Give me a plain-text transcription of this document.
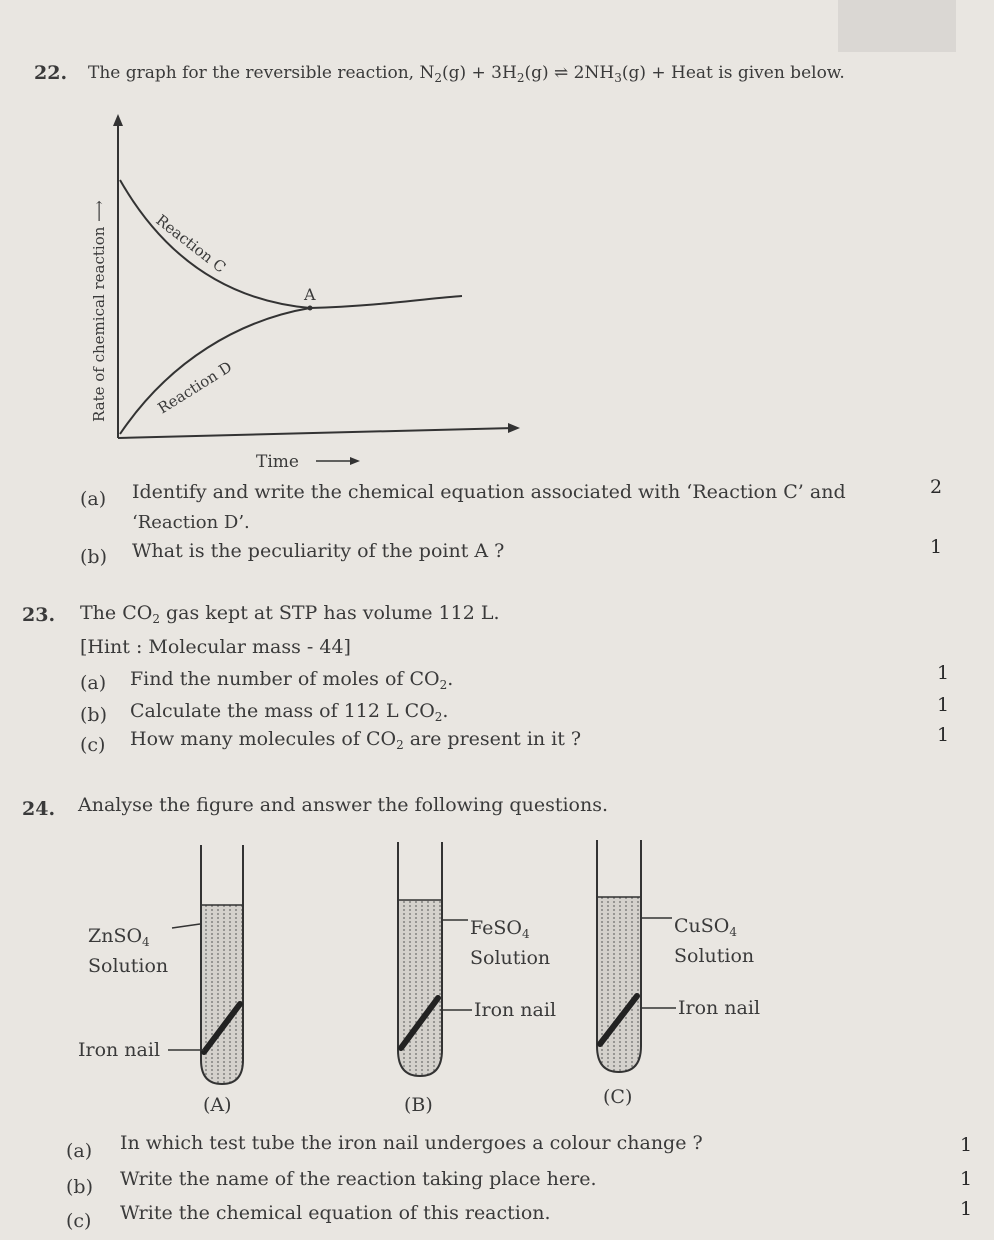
22. The graph for the reversible reaction, $N_2(g) + 3H_2(g)$ ⇌ $2NH_3(g)$ + Heat is given below.
A
Reaction C
Reaction D
Rate of chemical reaction ⟶
Time
(a) Identify and write the chemical equation associated with ‘Reaction C’ and
‘Reaction D’.
2
(b) What is the peculiarity of the point A ?	1
23. The $CO_2$ gas kept at STP has volume 112 L.
[Hint : Molecular mass - 44]
(a) Find the number of moles of $CO_2$.	1
(b) Calculate the mass of 112 L $CO_2$.	1
(c) How many molecules of $CO_2$ are present in it ?	1
24. Analyse the figure and answer the following questions.
ZnSO$_4$
Solution
Iron nail
(A)
FeSO$_4$
Solution
Iron nail
(B)
CuSO$_4$
Solution
Iron nail
(C)
(a) In which test tube the iron nail undergoes a colour change ?	1
(b) Write the name of the reaction taking place here.	1
(c) Write the chemical equation of this reaction.	1
